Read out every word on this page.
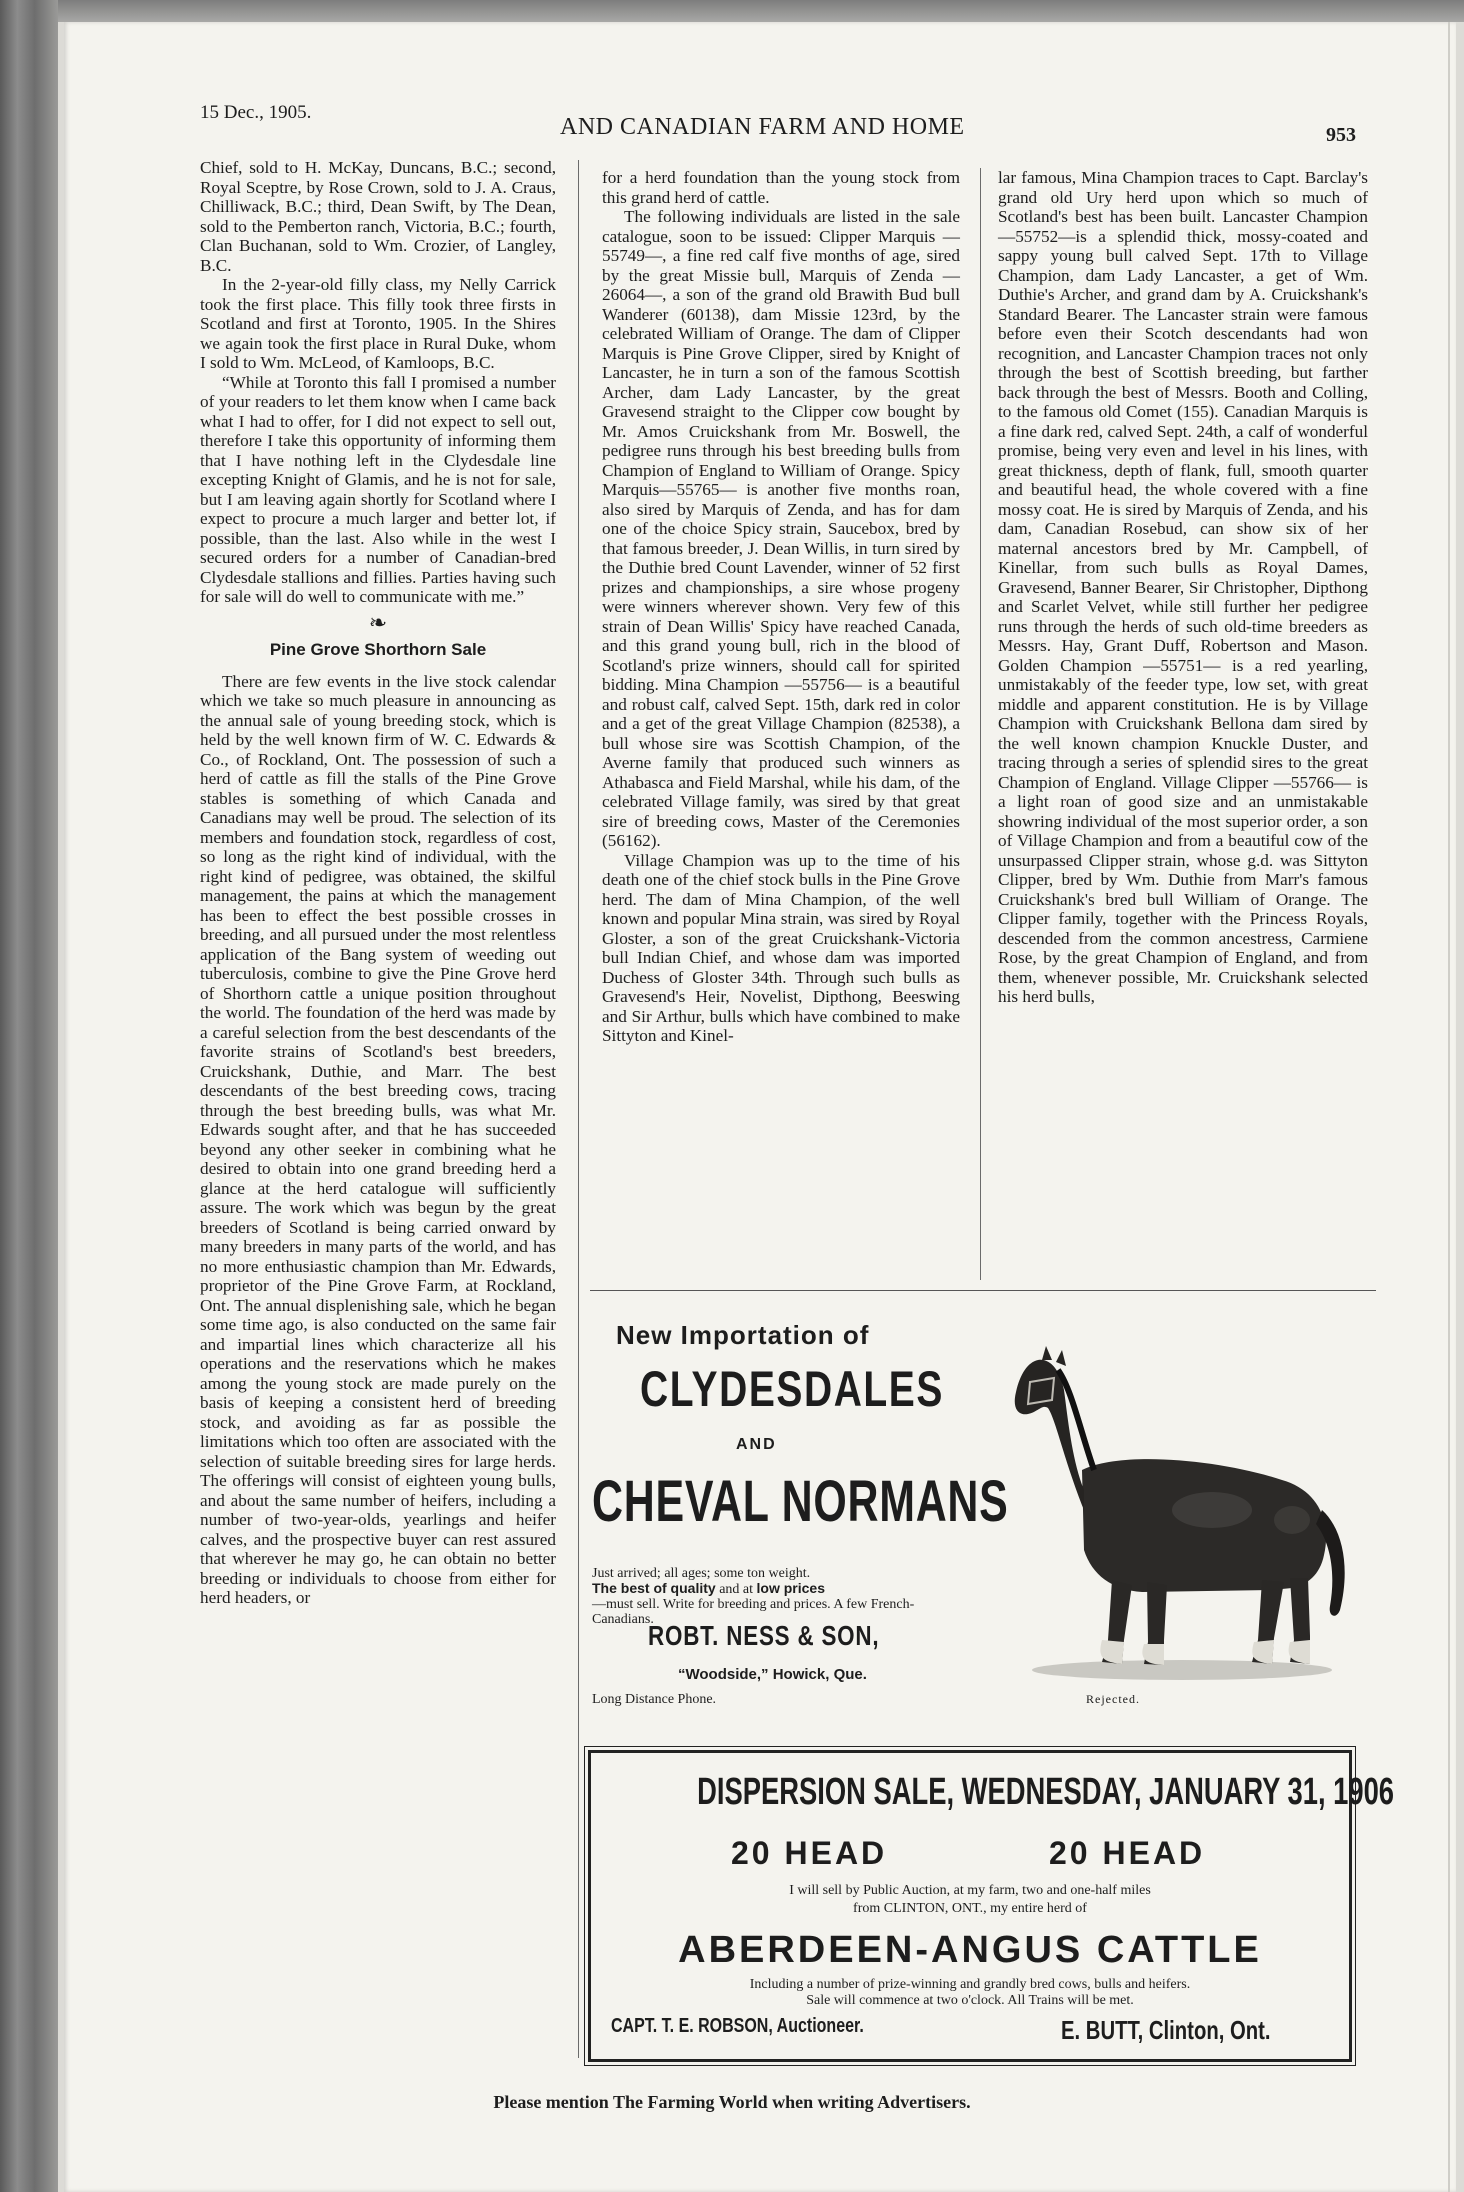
15 Dec., 1905.
AND CANADIAN FARM AND HOME	953

Chief, sold to H. McKay, Duncans, B.C.; second, Royal Sceptre, by Rose Crown, sold to J. A. Craus, Chilliwack, B.C.; third, Dean Swift, by The Dean, sold to the Pemberton ranch, Victoria, B.C.; fourth, Clan Buchanan, sold to Wm. Crozier, of Langley, B.C.

In the 2-year-old filly class, my Nelly Carrick took the first place. This filly took three firsts in Scotland and first at Toronto, 1905. In the Shires we again took the first place in Rural Duke, whom I sold to Wm. McLeod, of Kamloops, B.C.

“While at Toronto this fall I promised a number of your readers to let them know when I came back what I had to offer, for I did not expect to sell out, therefore I take this opportunity of informing them that I have nothing left in the Clydesdale line excepting Knight of Glamis, and he is not for sale, but I am leaving again shortly for Scotland where I expect to procure a much larger and better lot, if possible, than the last. Also while in the west I secured orders for a number of Canadian-bred Clydesdale stallions and fillies. Parties having such for sale will do well to communicate with me.”

❧
Pine Grove Shorthorn Sale

There are few events in the live stock calendar which we take so much pleasure in announcing as the annual sale of young breeding stock, which is held by the well known firm of W. C. Edwards & Co., of Rockland, Ont. The possession of such a herd of cattle as fill the stalls of the Pine Grove stables is something of which Canada and Canadians may well be proud. The selection of its members and foundation stock, regardless of cost, so long as the right kind of individual, with the right kind of pedigree, was obtained, the skilful management, the pains at which the management has been to effect the best possible crosses in breeding, and all pursued under the most relentless application of the Bang system of weeding out tuberculosis, combine to give the Pine Grove herd of Shorthorn cattle a unique position throughout the world. The foundation of the herd was made by a careful selection from the best descendants of the favorite strains of Scotland's best breeders, Cruickshank, Duthie, and Marr. The best descendants of the best breeding cows, tracing through the best breeding bulls, was what Mr. Edwards sought after, and that he has succeeded beyond any other seeker in combining what he desired to obtain into one grand breeding herd a glance at the herd catalogue will sufficiently assure. The work which was begun by the great breeders of Scotland is being carried onward by many breeders in many parts of the world, and has no more enthusiastic champion than Mr. Edwards, proprietor of the Pine Grove Farm, at Rockland, Ont. The annual displenishing sale, which he began some time ago, is also conducted on the same fair and impartial lines which characterize all his operations and the reservations which he makes among the young stock are made purely on the basis of keeping a consistent herd of breeding stock, and avoiding as far as possible the limitations which too often are associated with the selection of suitable breeding sires for large herds. The offerings will consist of eighteen young bulls, and about the same number of heifers, including a number of two-year-olds, yearlings and heifer calves, and the prospective buyer can rest assured that wherever he may go, he can obtain no better breeding or individuals to choose from either for herd headers, or

for a herd foundation than the young stock from this grand herd of cattle.

The following individuals are listed in the sale catalogue, soon to be issued: Clipper Marquis —55749—, a fine red calf five months of age, sired by the great Missie bull, Marquis of Zenda —26064—, a son of the grand old Brawith Bud bull Wanderer (60138), dam Missie 123rd, by the celebrated William of Orange. The dam of Clipper Marquis is Pine Grove Clipper, sired by Knight of Lancaster, he in turn a son of the famous Scottish Archer, dam Lady Lancaster, by the great Gravesend straight to the Clipper cow bought by Mr. Amos Cruickshank from Mr. Boswell, the pedigree runs through his best breeding bulls from Champion of England to William of Orange. Spicy Marquis—55765— is another five months roan, also sired by Marquis of Zenda, and has for dam one of the choice Spicy strain, Saucebox, bred by that famous breeder, J. Dean Willis, in turn sired by the Duthie bred Count Lavender, winner of 52 first prizes and championships, a sire whose progeny were winners wherever shown. Very few of this strain of Dean Willis' Spicy have reached Canada, and this grand young bull, rich in the blood of Scotland's prize winners, should call for spirited bidding. Mina Champion —55756— is a beautiful and robust calf, calved Sept. 15th, dark red in color and a get of the great Village Champion (82538), a bull whose sire was Scottish Champion, of the Averne family that produced such winners as Athabasca and Field Marshal, while his dam, of the celebrated Village family, was sired by that great sire of breeding cows, Master of the Ceremonies (56162).

Village Champion was up to the time of his death one of the chief stock bulls in the Pine Grove herd. The dam of Mina Champion, of the well known and popular Mina strain, was sired by Royal Gloster, a son of the great Cruickshank-Victoria bull Indian Chief, and whose dam was imported Duchess of Gloster 34th. Through such bulls as Gravesend's Heir, Novelist, Dipthong, Beeswing and Sir Arthur, bulls which have combined to make Sittyton and Kinel-

lar famous, Mina Champion traces to Capt. Barclay's grand old Ury herd upon which so much of Scotland's best has been built. Lancaster Champion —55752—is a splendid thick, mossy-coated and sappy young bull calved Sept. 17th to Village Champion, dam Lady Lancaster, a get of Wm. Duthie's Archer, and grand dam by A. Cruickshank's Standard Bearer. The Lancaster strain were famous before even their Scotch descendants had won recognition, and Lancaster Champion traces not only through the best of Scottish breeding, but farther back through the best of Messrs. Booth and Colling, to the famous old Comet (155). Canadian Marquis is a fine dark red, calved Sept. 24th, a calf of wonderful promise, being very even and level in his lines, with great thickness, depth of flank, full, smooth quarter and beautiful head, the whole covered with a fine mossy coat. He is sired by Marquis of Zenda, and his dam, Canadian Rosebud, can show six of her maternal ancestors bred by Mr. Campbell, of Kinellar, from such bulls as Royal Dames, Gravesend, Banner Bearer, Sir Christopher, Dipthong and Scarlet Velvet, while still further her pedigree runs through the herds of such old-time breeders as Messrs. Hay, Grant Duff, Robertson and Mason. Golden Champion —55751— is a red yearling, unmistakably of the feeder type, low set, with great middle and apparent constitution. He is by Village Champion with Cruickshank Bellona dam sired by the well known champion Knuckle Duster, and tracing through a series of splendid sires to the great Champion of England. Village Clipper —55766— is a light roan of good size and an unmistakable showring individual of the most superior order, a son of Village Champion and from a beautiful cow of the unsurpassed Clipper strain, whose g.d. was Sittyton Clipper, bred by Wm. Duthie from Marr's famous Cruickshank's bred bull William of Orange. The Clipper family, together with the Princess Royals, descended from the common ancestress, Carmiene Rose, by the great Champion of England, and from them, whenever possible, Mr. Cruickshank selected his herd bulls,

New Importation of
CLYDESDALES
AND
CHEVAL NORMANS
Just arrived; all ages; some ton weight.
The best of quality and at low prices
—must sell. Write for breeding and prices. A few French-Canadians.
ROBT. NESS & SON,
“Woodside,” Howick, Que.
Long Distance Phone.	Rejected.
DISPERSION SALE, WEDNESDAY, JANUARY 31, 1906
20 HEAD	20 HEAD
I will sell by Public Auction, at my farm, two and one-half miles
from CLINTON, ONT., my entire herd of
ABERDEEN-ANGUS CATTLE
Including a number of prize-winning and grandly bred cows, bulls and heifers.
Sale will commence at two o'clock. All Trains will be met.
CAPT. T. E. ROBSON, Auctioneer.	E. BUTT, Clinton, Ont.
Please mention The Farming World when writing Advertisers.
